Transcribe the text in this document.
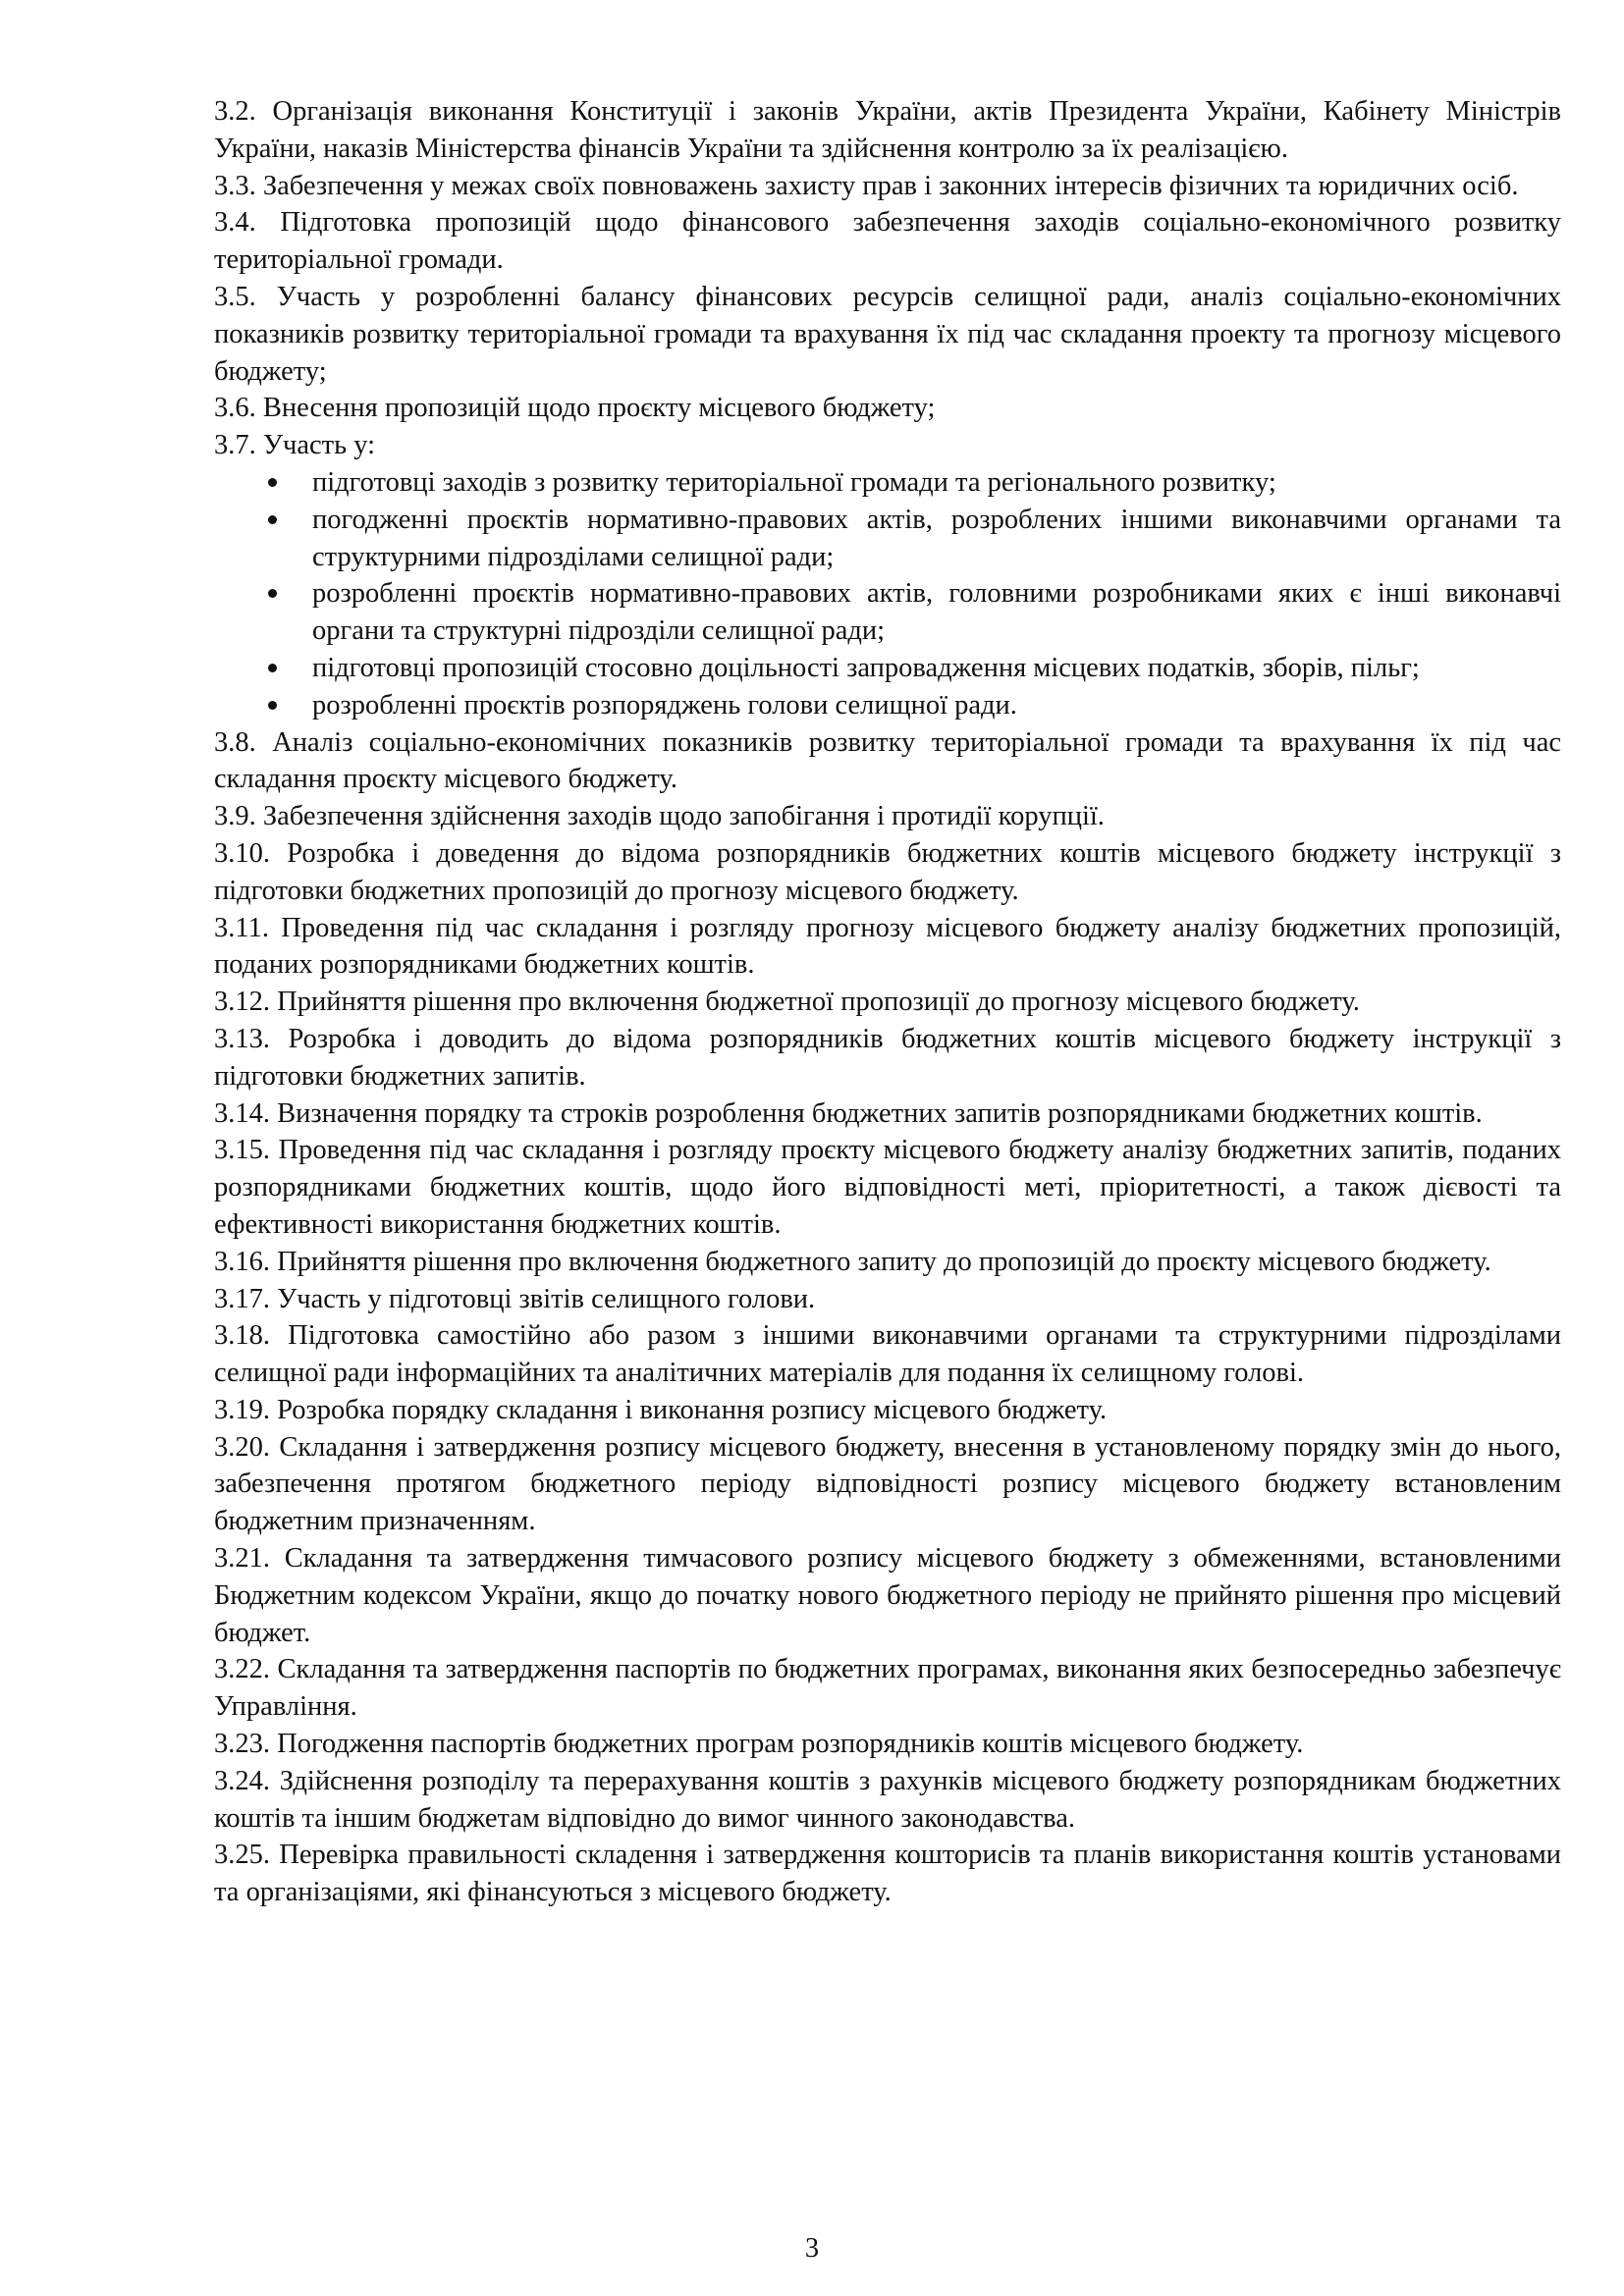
3.2. Організація виконання Конституції і законів України, актів Президента України, Кабінету Міністрів України, наказів Міністерства фінансів України та здійснення контролю за їх реалізацією.

3.3. Забезпечення у межах своїх повноважень захисту прав і законних інтересів фізичних та юридичних осіб.

3.4. Підготовка пропозицій щодо фінансового забезпечення заходів соціально-економічного розвитку територіальної громади.

3.5. Участь у розробленні балансу фінансових ресурсів селищної ради, аналіз соціально-економічних показників розвитку територіальної громади та врахування їх під час складання проекту та прогнозу місцевого бюджету;

3.6. Внесення пропозицій щодо проєкту місцевого бюджету;

3.7. Участь у:

підготовці заходів з розвитку територіальної громади та регіонального розвитку;
погодженні проєктів нормативно-правових актів, розроблених іншими виконавчими органами та структурними підрозділами селищної ради;
розробленні проєктів нормативно-правових актів, головними розробниками яких є інші виконавчі органи та структурні підрозділи селищної ради;
підготовці пропозицій стосовно доцільності запровадження місцевих податків, зборів, пільг;
розробленні проєктів розпоряджень голови селищної ради.

3.8. Аналіз соціально-економічних показників розвитку територіальної громади та врахування їх під час складання проєкту місцевого бюджету.

3.9. Забезпечення здійснення заходів щодо запобігання і протидії корупції.

3.10. Розробка і доведення до відома розпорядників бюджетних коштів місцевого бюджету інструкції з підготовки бюджетних пропозицій до прогнозу місцевого бюджету.

3.11. Проведення під час складання і розгляду прогнозу місцевого бюджету аналізу бюджетних пропозицій, поданих розпорядниками бюджетних коштів.

3.12. Прийняття рішення про включення бюджетної пропозиції до прогнозу місцевого бюджету.

3.13. Розробка і доводить до відома розпорядників бюджетних коштів місцевого бюджету інструкції з підготовки бюджетних запитів.

3.14. Визначення порядку та строків розроблення бюджетних запитів розпорядниками бюджетних коштів.

3.15. Проведення під час складання і розгляду проєкту місцевого бюджету аналізу бюджетних запитів, поданих розпорядниками бюджетних коштів, щодо його відповідності меті, пріоритетності, а також дієвості та ефективності використання бюджетних коштів.

3.16. Прийняття рішення про включення бюджетного запиту до пропозицій до проєкту місцевого бюджету.

3.17. Участь у підготовці звітів селищного голови.

3.18. Підготовка самостійно або разом з іншими виконавчими органами та структурними підрозділами селищної ради інформаційних та аналітичних матеріалів для подання їх селищному голові.

3.19. Розробка порядку складання і виконання розпису місцевого бюджету.

3.20. Складання і затвердження розпису місцевого бюджету, внесення в установленому порядку змін до нього, забезпечення протягом бюджетного періоду відповідності розпису місцевого бюджету встановленим бюджетним призначенням.

3.21. Складання та затвердження тимчасового розпису місцевого бюджету з обмеженнями, встановленими Бюджетним кодексом України, якщо до початку нового бюджетного періоду не прийнято рішення про місцевий бюджет.

3.22. Складання та затвердження паспортів по бюджетних програмах, виконання яких безпосередньо забезпечує Управління.

3.23. Погодження паспортів бюджетних програм розпорядників коштів місцевого бюджету.

3.24. Здійснення розподілу та перерахування коштів з рахунків місцевого бюджету розпорядникам бюджетних коштів та іншим бюджетам відповідно до вимог чинного законодавства.

3.25. Перевірка правильності складення і затвердження кошторисів та планів використання коштів установами та організаціями, які фінансуються з місцевого бюджету.

3
